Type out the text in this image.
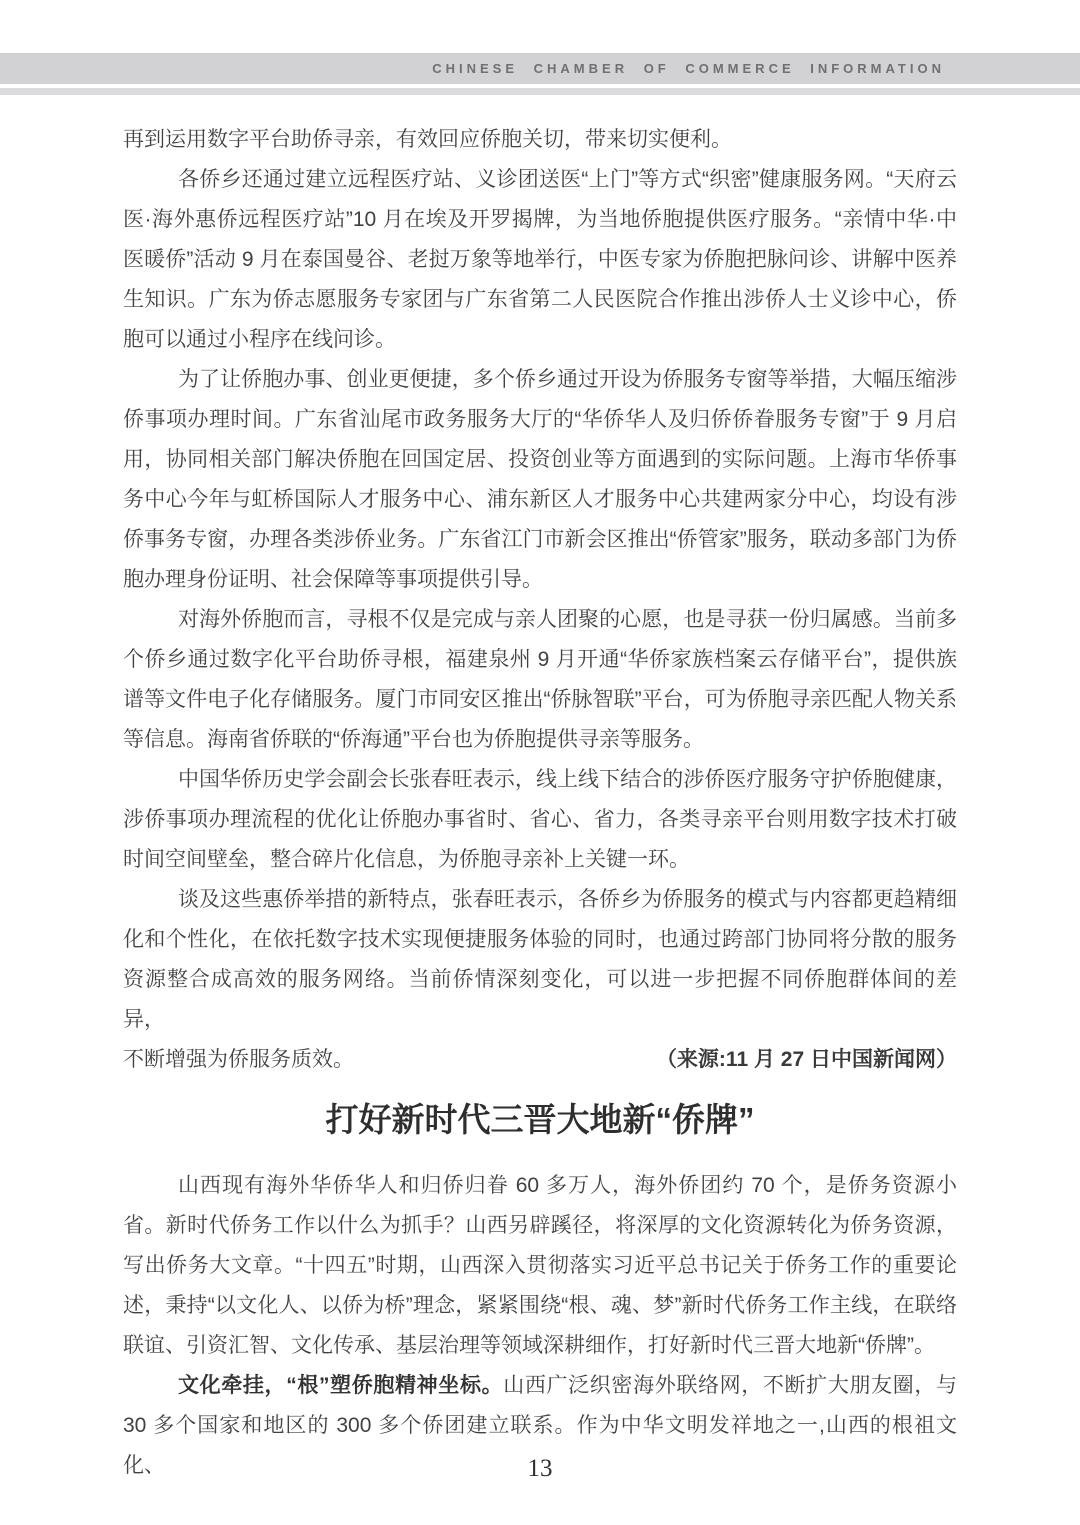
CHINESE CHAMBER OF COMMERCE INFORMATION

再到运用数字平台助侨寻亲，有效回应侨胞关切，带来切实便利。

各侨乡还通过建立远程医疗站、义诊团送医“上门”等方式“织密”健康服务网。“天府云医·海外惠侨远程医疗站”10 月在埃及开罗揭牌，为当地侨胞提供医疗服务。“亲情中华·中医暖侨”活动 9 月在泰国曼谷、老挝万象等地举行，中医专家为侨胞把脉问诊、讲解中医养生知识。广东为侨志愿服务专家团与广东省第二人民医院合作推出涉侨人士义诊中心，侨胞可以通过小程序在线问诊。

为了让侨胞办事、创业更便捷，多个侨乡通过开设为侨服务专窗等举措，大幅压缩涉侨事项办理时间。广东省汕尾市政务服务大厅的“华侨华人及归侨侨眷服务专窗”于 9 月启用，协同相关部门解决侨胞在回国定居、投资创业等方面遇到的实际问题。上海市华侨事务中心今年与虹桥国际人才服务中心、浦东新区人才服务中心共建两家分中心，均设有涉侨事务专窗，办理各类涉侨业务。广东省江门市新会区推出“侨管家”服务，联动多部门为侨胞办理身份证明、社会保障等事项提供引导。

对海外侨胞而言，寻根不仅是完成与亲人团聚的心愿，也是寻获一份归属感。当前多个侨乡通过数字化平台助侨寻根，福建泉州 9 月开通“华侨家族档案云存储平台”，提供族谱等文件电子化存储服务。厦门市同安区推出“侨脉智联”平台，可为侨胞寻亲匹配人物关系等信息。海南省侨联的“侨海通”平台也为侨胞提供寻亲等服务。

中国华侨历史学会副会长张春旺表示，线上线下结合的涉侨医疗服务守护侨胞健康，涉侨事项办理流程的优化让侨胞办事省时、省心、省力，各类寻亲平台则用数字技术打破时间空间壁垒，整合碎片化信息，为侨胞寻亲补上关键一环。

谈及这些惠侨举措的新特点，张春旺表示，各侨乡为侨服务的模式与内容都更趋精细化和个性化，在依托数字技术实现便捷服务体验的同时，也通过跨部门协同将分散的服务资源整合成高效的服务网络。当前侨情深刻变化，可以进一步把握不同侨胞群体间的差异，

不断增强为侨服务质效。	（来源:11 月 27 日中国新闻网）
打好新时代三晋大地新“侨牌”

山西现有海外华侨华人和归侨归眷 60 多万人，海外侨团约 70 个，是侨务资源小省。新时代侨务工作以什么为抓手？山西另辟蹊径，将深厚的文化资源转化为侨务资源，写出侨务大文章。“十四五”时期，山西深入贯彻落实习近平总书记关于侨务工作的重要论述，秉持“以文化人、以侨为桥”理念，紧紧围绕“根、魂、梦”新时代侨务工作主线，在联络联谊、引资汇智、文化传承、基层治理等领域深耕细作，打好新时代三晋大地新“侨牌”。

文化牵挂，“根”塑侨胞精神坐标。山西广泛织密海外联络网，不断扩大朋友圈，与 30 多个国家和地区的 300 多个侨团建立联系。作为中华文明发祥地之一,山西的根祖文化、	13
